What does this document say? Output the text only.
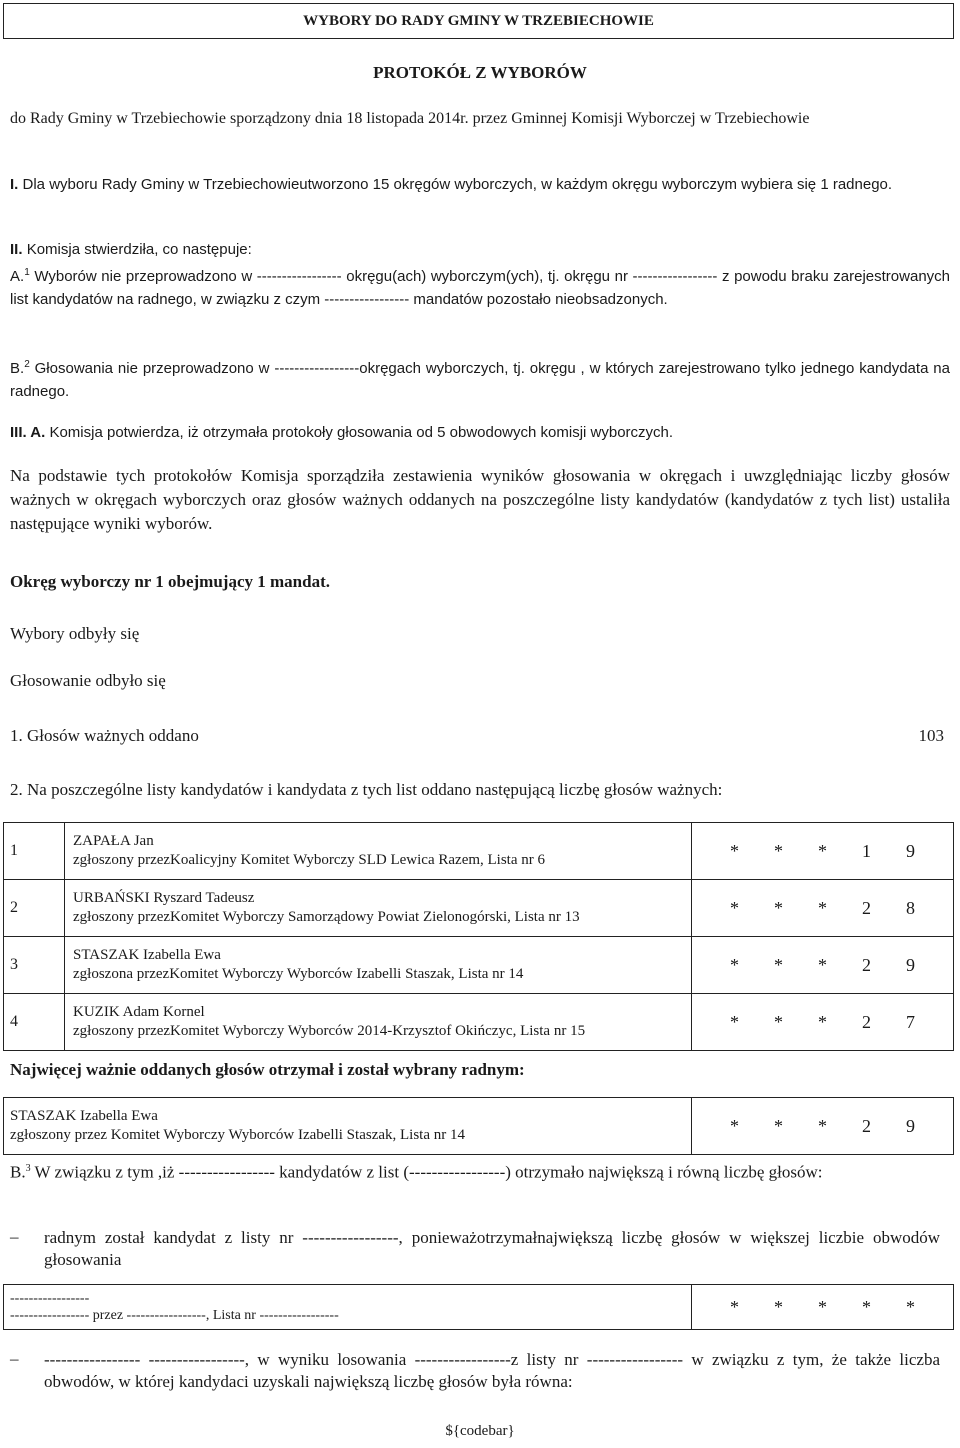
WYBORY DO RADY GMINY W TRZEBIECHOWIE
PROTOKÓŁ Z WYBORÓW
do Rady Gminy w Trzebiechowie sporządzony dnia 18 listopada 2014r. przez Gminnej Komisji Wyborczej w Trzebiechowie
I. Dla wyboru Rady Gminy w Trzebiechowieutworzono 15 okręgów wyborczych, w każdym okręgu wyborczym wybiera się 1 radnego.
II. Komisja stwierdziła, co następuje:
A.$^1$ Wyborów nie przeprowadzono w ----------------- okręgu(ach) wyborczym(ych), tj. okręgu nr ----------------- z powodu braku zarejestrowanych list kandydatów na radnego, w związku z czym ----------------- mandatów pozostało nieobsadzonych.
B.$^2$ Głosowania nie przeprowadzono w -----------------okręgach wyborczych, tj. okręgu , w których zarejestrowano tylko jednego kandydata na radnego.
III. A. Komisja potwierdza, iż otrzymała protokoły głosowania od 5 obwodowych komisji wyborczych.
Na podstawie tych protokołów Komisja sporządziła zestawienia wyników głosowania w okręgach i uwzględniając liczby głosów ważnych w okręgach wyborczych oraz głosów ważnych oddanych na poszczególne listy kandydatów (kandydatów z tych list) ustaliła następujące wyniki wyborów.
Okręg wyborczy nr 1 obejmujący 1 mandat.
Wybory odbyły się
Głosowanie odbyło się
1. Głosów ważnych oddano	103
2. Na poszczególne listy kandydatów i kandydata z tych list oddano następującą liczbę głosów ważnych:
1	ZAPAŁA Jan
zgłoszony przezKoalicyjny Komitet Wyborczy SLD Lewica Razem, Lista nr 6	* * * 1 9
2	URBAŃSKI Ryszard Tadeusz
zgłoszony przezKomitet Wyborczy Samorządowy Powiat Zielonogórski, Lista nr 13	* * * 2 8
3	STASZAK Izabella Ewa
zgłoszona przezKomitet Wyborczy Wyborców Izabelli Staszak, Lista nr 14	* * * 2 9
4	KUZIK Adam Kornel
zgłoszony przezKomitet Wyborczy Wyborców 2014-Krzysztof Okińczyc, Lista nr 15	* * * 2 7
Najwięcej ważnie oddanych głosów otrzymał i został wybrany radnym:
STASZAK Izabella Ewa
zgłoszony przez Komitet Wyborczy Wyborców Izabelli Staszak, Lista nr 14	* * * 2 9
B.$^3$ W związku z tym ,iż ----------------- kandydatów z list (-----------------) otrzymało największą i równą liczbę głosów:
– radnym został kandydat z listy nr -----------------, ponieważotrzymałnajwiększą liczbę głosów w większej liczbie obwodów głosowania
-----------------
----------------- przez -----------------, Lista nr -----------------	* * * * *
– ----------------- -----------------, w wyniku losowania -----------------z listy nr ----------------- w związku z tym, że także liczba obwodów, w której kandydaci uzyskali największą liczbę głosów była równa:
${codebar}
